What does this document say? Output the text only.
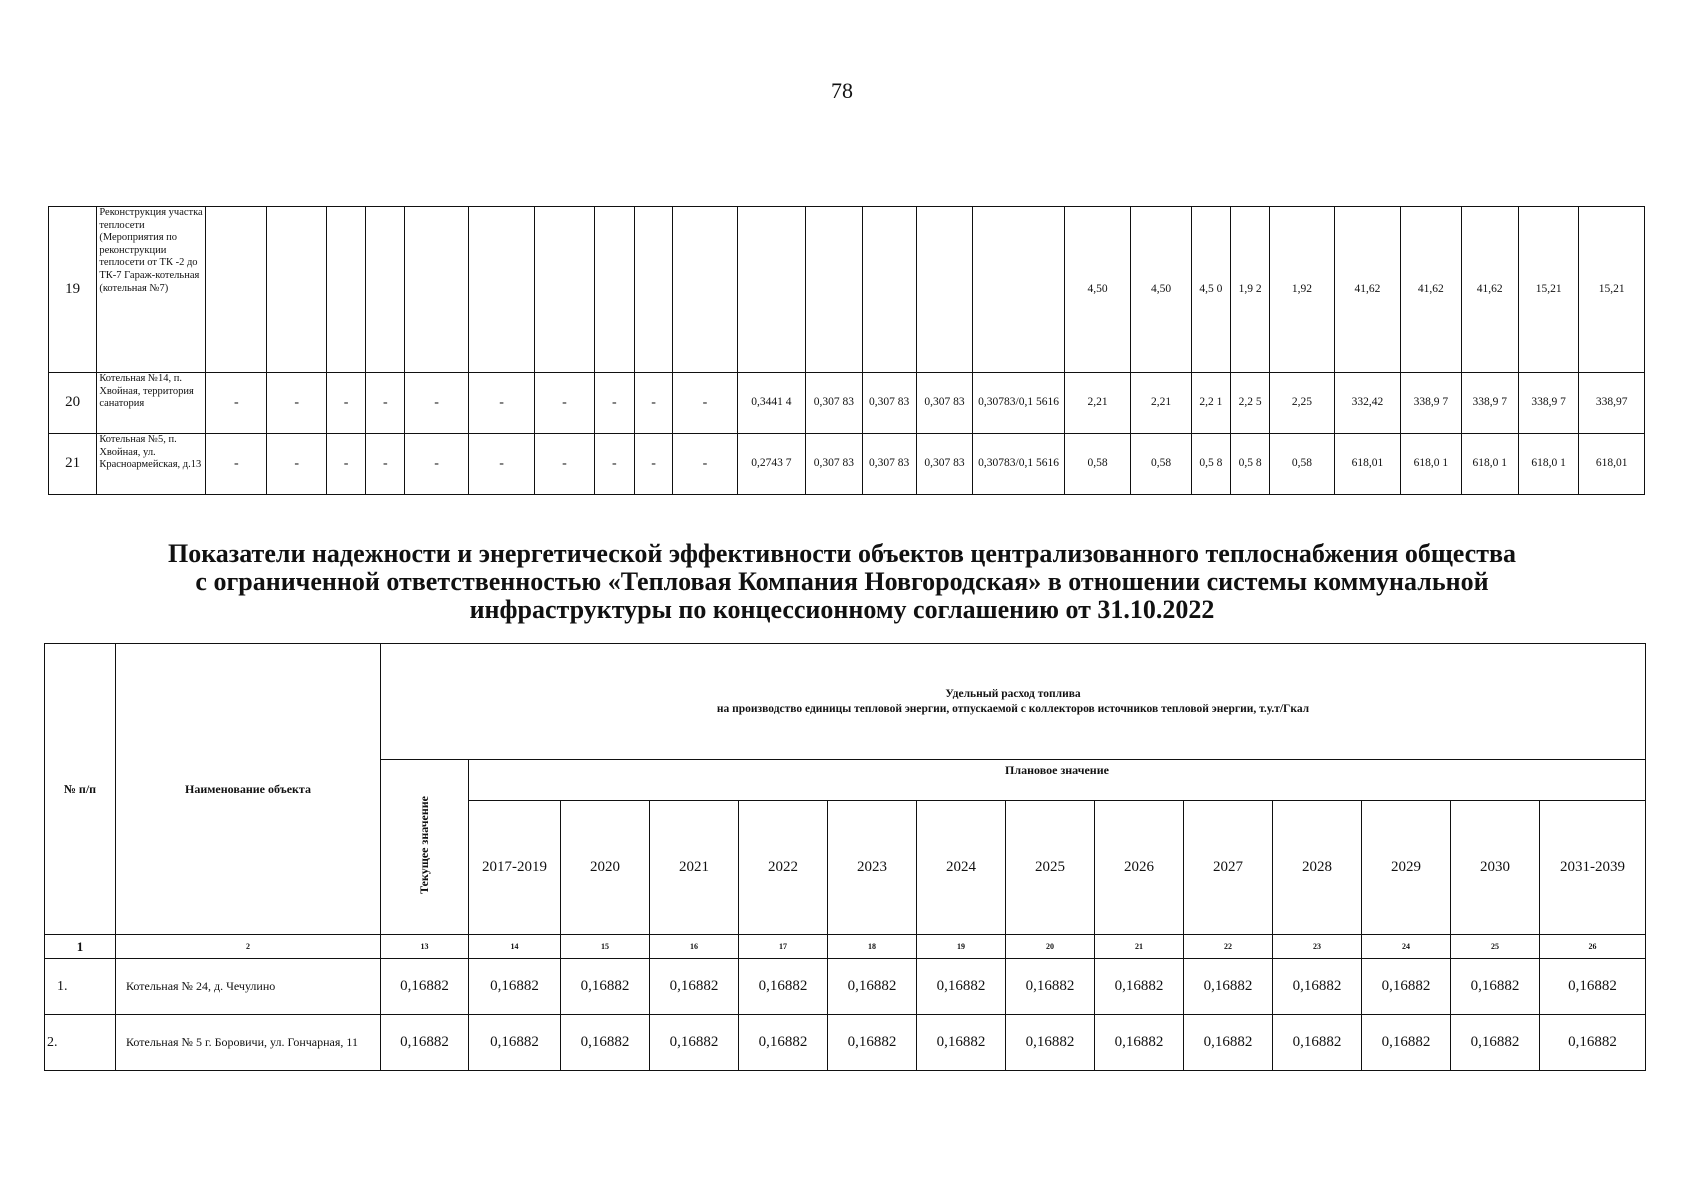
78
19	Реконструкция участка теплосети (Мероприятия по реконструкции теплосети от ТК -2 до ТК-7 Гараж-котельная (котельная №7)																4,50	4,50	4,5 0	1,9 2	1,92	41,62	41,62	41,62	15,21	15,21
20	Котельная №14, п. Хвойная, территория санатория	-	-	-	-	-	-	-	-	-	-	0,3441 4	0,307 83	0,307 83	0,307 83	0,30783/0,1 5616	2,21	2,21	2,2 1	2,2 5	2,25	332,42	338,9 7	338,9 7	338,9 7	338,97
21	Котельная №5, п. Хвойная, ул. Красноармейская, д.13	-	-	-	-	-	-	-	-	-	-	0,2743 7	0,307 83	0,307 83	0,307 83	0,30783/0,1 5616	0,58	0,58	0,5 8	0,5 8	0,58	618,01	618,0 1	618,0 1	618,0 1	618,01
Показатели надежности и энергетической эффективности объектов централизованного теплоснабжения общества
с ограниченной ответственностью «Тепловая Компания Новгородская» в отношении системы коммунальной
инфраструктуры по концессионному соглашению от 31.10.2022
№ п/п	Наименование объекта	Удельный расход топлива
на производство единицы тепловой энергии, отпускаемой с коллекторов источников тепловой энергии, т.у.т/Гкал													

		Текущее значение	Плановое значение												
			2017-2019	2020	2021	2022	2023	2024	2025	2026	2027	2028	2029	2030	2031-2039
1	2	13	14	15	16	17	18	19	20	21	22	23	24	25	26
1.	Котельная № 24, д. Чечулино	0,16882	0,16882	0,16882	0,16882	0,16882	0,16882	0,16882	0,16882	0,16882	0,16882	0,16882	0,16882	0,16882	0,16882
2.	Котельная № 5 г. Боровичи, ул. Гончарная, 11	0,16882	0,16882	0,16882	0,16882	0,16882	0,16882	0,16882	0,16882	0,16882	0,16882	0,16882	0,16882	0,16882	0,16882
